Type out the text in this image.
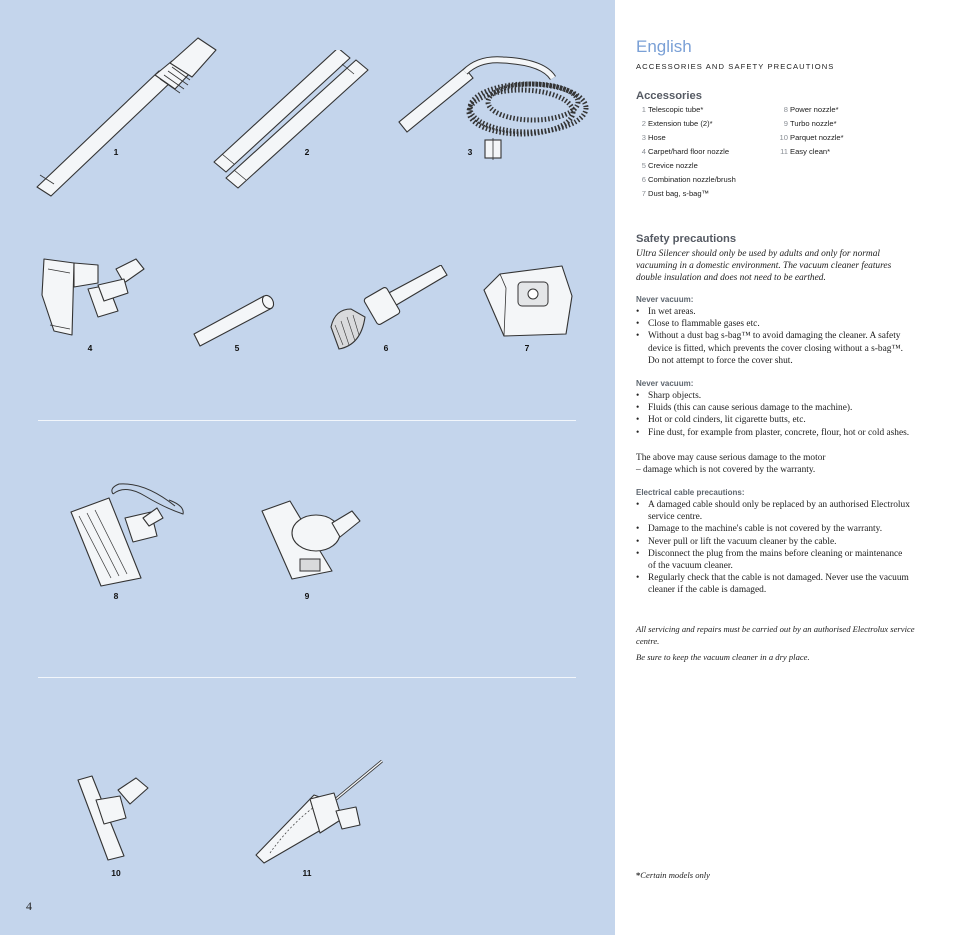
1	2	3
4	5	6	7
8	9
10	11
4
English
ACCESSORIES AND SAFETY PRECAUTIONS
Accessories
1 Telescopic tube*
2 Extension tube (2)*
3 Hose
4 Carpet/hard floor nozzle
5 Crevice nozzle
6 Combination nozzle/brush
7 Dust bag, s-bag™
8 Power nozzle*
9 Turbo nozzle*
10 Parquet nozzle*
11 Easy clean*
Safety precautions
Ultra Silencer should only be used by adults and only for normal vacuuming in a domestic environment. The vacuum cleaner features double insulation and does not need to be earthed.
Never vacuum:
• In wet areas.
• Close to flammable gases etc.
• Without a dust bag s-bag™ to avoid damaging the cleaner. A safety device is fitted, which prevents the cover closing without a s-bag™. Do not attempt to force the cover shut.
Never vacuum:
• Sharp objects.
• Fluids (this can cause serious damage to the machine).
• Hot or cold cinders, lit cigarette butts, etc.
• Fine dust, for example from plaster, concrete, flour, hot or cold ashes.
The above may cause serious damage to the motor
– damage which is not covered by the warranty.
Electrical cable precautions:
• A damaged cable should only be replaced by an authorised Electrolux service centre.
• Damage to the machine's cable is not covered by the warranty.
• Never pull or lift the vacuum cleaner by the cable.
• Disconnect the plug from the mains before cleaning or maintenance of the vacuum cleaner.
• Regularly check that the cable is not damaged. Never use the vacuum cleaner if the cable is damaged.
All servicing and repairs must be carried out by an authorised Electrolux service centre.
Be sure to keep the vacuum cleaner in a dry place.
*Certain models only
